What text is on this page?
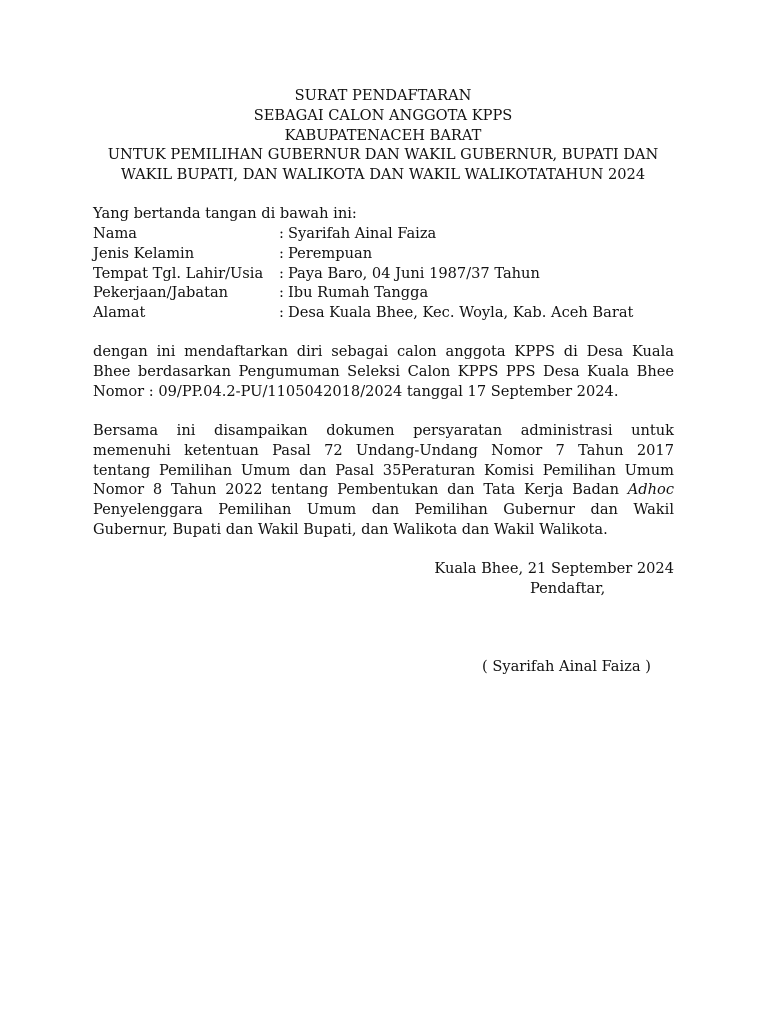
SURAT PENDAFTARAN
SEBAGAI CALON ANGGOTA KPPS
KABUPATENACEH BARAT
UNTUK PEMILIHAN GUBERNUR DAN WAKIL GUBERNUR, BUPATI DAN
WAKIL BUPATI, DAN WALIKOTA DAN WAKIL WALIKOTATAHUN 2024
Yang bertanda tangan di bawah ini:
Nama	: Syarifah Ainal Faiza
Jenis Kelamin	: Perempuan
Tempat Tgl. Lahir/Usia	: Paya Baro, 04 Juni 1987/37 Tahun
Pekerjaan/Jabatan	: Ibu Rumah Tangga
Alamat	: Desa Kuala Bhee, Kec. Woyla, Kab. Aceh Barat
dengan ini mendaftarkan diri sebagai calon anggota KPPS di Desa Kuala
Bhee berdasarkan Pengumuman Seleksi Calon KPPS PPS Desa Kuala Bhee
Nomor : 09/PP.04.2-PU/1105042018/2024 tanggal 17 September 2024.
Bersama ini disampaikan dokumen persyaratan administrasi untuk
memenuhi ketentuan Pasal 72 Undang-Undang Nomor 7 Tahun 2017
tentang Pemilihan Umum dan Pasal 35Peraturan Komisi Pemilihan Umum
Nomor 8 Tahun 2022 tentang Pembentukan dan Tata Kerja Badan Adhoc
Penyelenggara Pemilihan Umum dan Pemilihan Gubernur dan Wakil
Gubernur, Bupati dan Wakil Bupati, dan Walikota dan Wakil Walikota.
Kuala Bhee, 21 September 2024
Pendaftar,
( Syarifah Ainal Faiza )
